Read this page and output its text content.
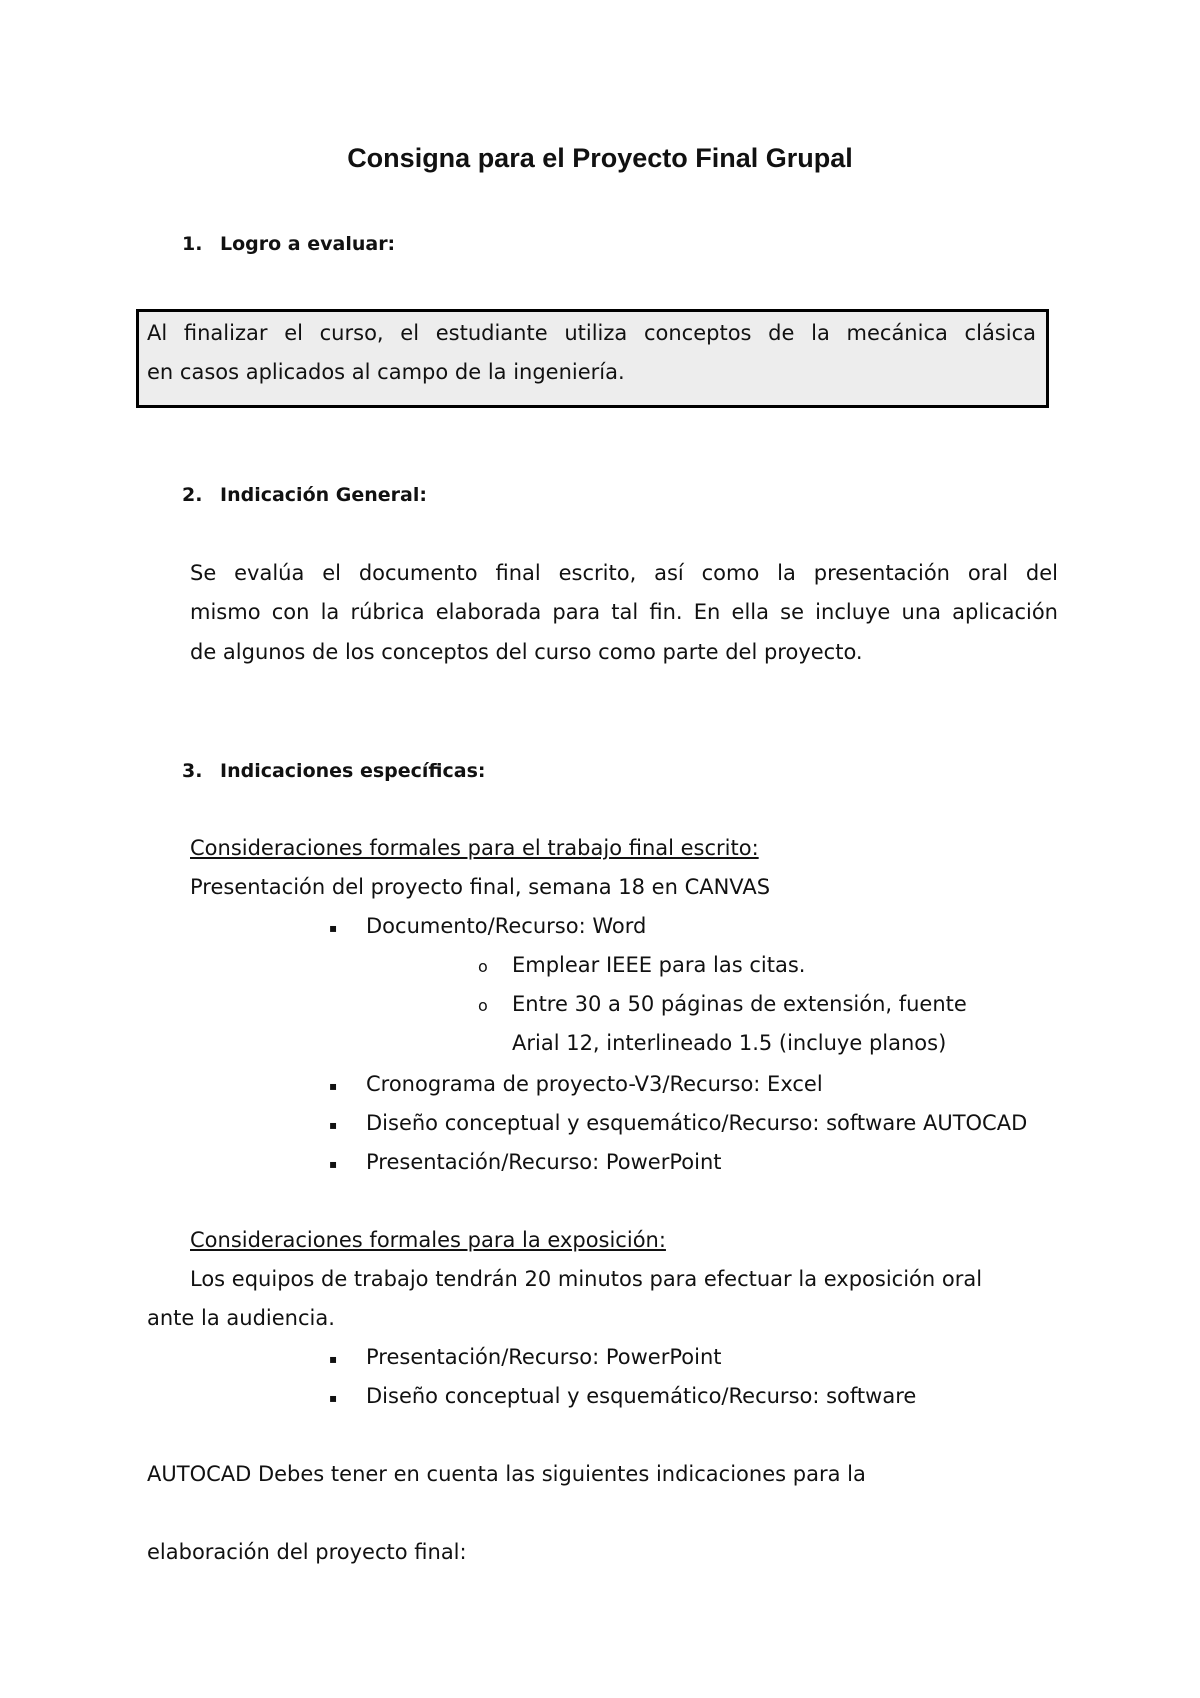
Consigna para el Proyecto Final Grupal
1. Logro a evaluar:
Al finalizar el curso, el estudiante utiliza conceptos de la mecánica clásica
en casos aplicados al campo de la ingeniería.
2. Indicación General:
Se evalúa el documento final escrito, así como la presentación oral del
mismo con la rúbrica elaborada para tal fin. En ella se incluye una aplicación
de algunos de los conceptos del curso como parte del proyecto.
3. Indicaciones específicas:
Consideraciones formales para el trabajo final escrito:
Presentación del proyecto final, semana 18 en CANVAS
▪ Documento/Recurso: Word
o Emplear IEEE para las citas.
o Entre 30 a 50 páginas de extensión, fuente
Arial 12, interlineado 1.5 (incluye planos)
▪ Cronograma de proyecto-V3/Recurso: Excel
▪ Diseño conceptual y esquemático/Recurso: software AUTOCAD
▪ Presentación/Recurso: PowerPoint
Consideraciones formales para la exposición:
Los equipos de trabajo tendrán 20 minutos para efectuar la exposición oral
ante la audiencia.
▪ Presentación/Recurso: PowerPoint
▪ Diseño conceptual y esquemático/Recurso: software
AUTOCAD Debes tener en cuenta las siguientes indicaciones para la
elaboración del proyecto final:
